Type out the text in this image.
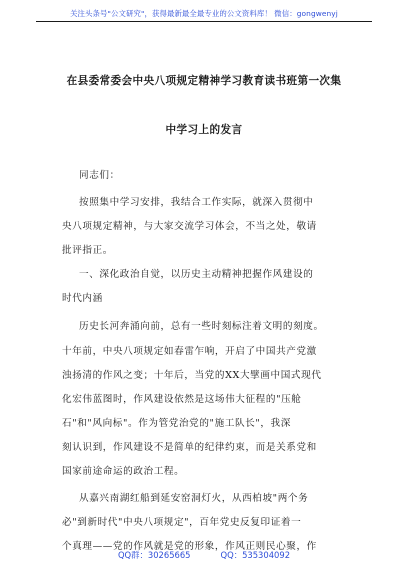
关注头条号"公文研究"，获得最新最全最专业的公文资料库！ 微信：gongwenyj
在县委常委会中央八项规定精神学习教育读书班第一次集
中学习上的发言
同志们：
按照集中学习安排，我结合工作实际，就深入贯彻中
央八项规定精神，与大家交流学习体会，不当之处，敬请
批评指正。
一、深化政治自觉，以历史主动精神把握作风建设的
时代内涵
历史长河奔涌向前，总有一些时刻标注着文明的刻度。
十年前，中央八项规定如春雷乍响，开启了中国共产党激
浊扬清的作风之变；十年后，当党的XX大擘画中国式现代
化宏伟蓝图时，作风建设依然是这场伟大征程的"压舱
石"和"风向标"。作为管党治党的"施工队长"，我深
刻认识到，作风建设不是简单的纪律约束，而是关系党和
国家前途命运的政治工程。
从嘉兴南湖红船到延安窑洞灯火，从西柏坡"两个务
必"到新时代"中央八项规定"，百年党史反复印证着一
个真理——党的作风就是党的形象，作风正则民心聚，作
QQ群：30265665	QQ：535304092
